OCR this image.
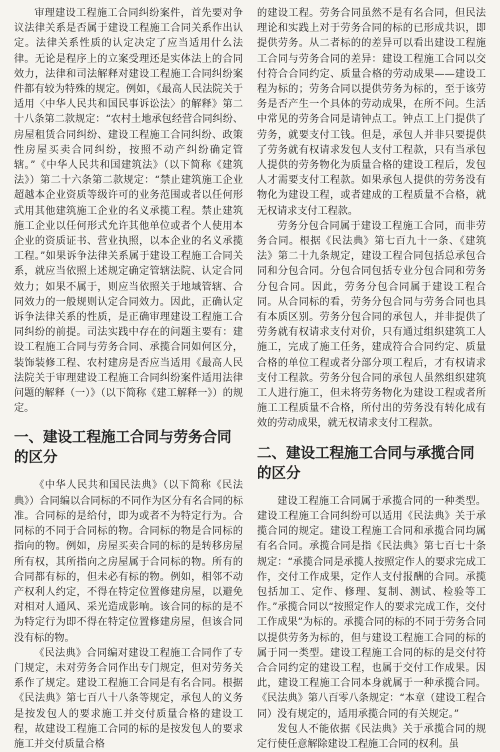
审理建设工程施工合同纠纷案件，首先要对争议法律关系是否属于建设工程施工合同关系作出认定。法律关系性质的认定决定了应当适用什么法律。无论是程序上的立案受理还是实体法上的合同效力，法律和司法解释对建设工程施工合同纠纷案件都有较为特殊的规定。例如，《最高人民法院关于适用〈中华人民共和国民事诉讼法〉的解释》第二十八条第二款规定：“农村土地承包经营合同纠纷、房屋租赁合同纠纷、建设工程施工合同纠纷、政策性房屋买卖合同纠纷，按照不动产纠纷确定管辖。”《中华人民共和国建筑法》（以下简称《建筑法》）第二十六条第二款规定：“禁止建筑施工企业超越本企业资质等级许可的业务范围或者以任何形式用其他建筑施工企业的名义承揽工程。禁止建筑施工企业以任何形式允许其他单位或者个人使用本企业的资质证书、营业执照，以本企业的名义承揽工程。”如果诉争法律关系属于建设工程施工合同关系，就应当依照上述规定确定管辖法院、认定合同效力；如果不属于，则应当依照关于地域管辖、合同效力的一般规则认定合同效力。因此，正确认定诉争法律关系的性质，是正确审理建设工程施工合同纠纷的前提。司法实践中存在的问题主要有：建设工程施工合同与劳务合同、承揽合同如何区分，装饰装修工程、农村建房是否应当适用《最高人民法院关于审理建设工程施工合同纠纷案件适用法律问题的解释（一）》（以下简称《建工解释一》）的规定。

一、建设工程施工合同与劳务合同的区分

《中华人民共和国民法典》（以下简称《民法典》）合同编以合同标的不同作为区分有名合同的标准。合同标的是给付，即为或者不为特定行为。合同标的不同于合同标的物。合同标的物是合同标的指向的物。例如，房屋买卖合同的标的是转移房屋所有权，其所指向之房屋属于合同标的物。所有的合同都有标的，但未必有标的物。例如，相邻不动产权利人约定，不得在特定位置修建房屋，以避免对相对人通风、采光造成影响。该合同的标的是不为特定行为即不得在特定位置修建房屋，但该合同没有标的物。

《民法典》合同编对建设工程施工合同作了专门规定，未对劳务合同作出专门规定，但对劳务关系作了规定。建设工程施工合同是有名合同。根据《民法典》第七百八十八条等规定，承包人的义务是按发包人的要求施工并交付质量合格的建设工程，故建设工程施工合同的标的是按发包人的要求施工并交付质量合格

的建设工程。劳务合同虽然不是有名合同，但民法理论和实践上对于劳务合同的标的已形成共识，即提供劳务。从二者标的的差异可以看出建设工程施工合同与劳务合同的差异：建设工程施工合同以交付符合合同约定、质量合格的劳动成果——建设工程为标的；劳务合同以提供劳务为标的，至于该劳务是否产生一个具体的劳动成果，在所不问。生活中常见的劳务合同是请钟点工。钟点工上门提供了劳务，就要支付工钱。但是，承包人并非只要提供了劳务就有权请求发包人支付工程款，只有当承包人提供的劳务物化为质量合格的建设工程后，发包人才需要支付工程款。如果承包人提供的劳务没有物化为建设工程，或者建成的工程质量不合格，就无权请求支付工程款。

劳务分包合同属于建设工程施工合同，而非劳务合同。根据《民法典》第七百九十一条、《建筑法》第二十九条规定，建设工程合同包括总承包合同和分包合同。分包合同包括专业分包合同和劳务分包合同。因此，劳务分包合同属于建设工程合同。从合同标的看，劳务分包合同与劳务合同也具有本质区别。劳务分包合同的承包人，并非提供了劳务就有权请求支付对价，只有通过组织建筑工人施工，完成了施工任务，建成符合合同约定、质量合格的单位工程或者分部分项工程后，才有权请求支付工程款。劳务分包合同的承包人虽然组织建筑工人进行施工，但未将劳务物化为建设工程或者所施工工程质量不合格，所付出的劳务没有转化成有效的劳动成果，就无权请求支付工程款。

二、建设工程施工合同与承揽合同的区分

建设工程施工合同属于承揽合同的一种类型。建设工程施工合同纠纷可以适用《民法典》关于承揽合同的规定。建设工程施工合同和承揽合同均属有名合同。承揽合同是指《民法典》第七百七十条规定：“承揽合同是承揽人按照定作人的要求完成工作，交付工作成果，定作人支付报酬的合同。承揽包括加工、定作、修理、复制、测试、检验等工作。”承揽合同以“按照定作人的要求完成工作，交付工作成果”为标的。承揽合同的标的不同于劳务合同以提供劳务为标的，但与建设工程施工合同的标的属于同一类型。建设工程施工合同的标的是交付符合合同约定的建设工程，也属于交付工作成果。因此，建设工程施工合同本身就属于一种承揽合同。《民法典》第八百零八条规定：“本章（建设工程合同）没有规定的，适用承揽合同的有关规定。”

发包人不能依据《民法典》关于承揽合同的规定行使任意解除建设工程施工合同的权利。虽
